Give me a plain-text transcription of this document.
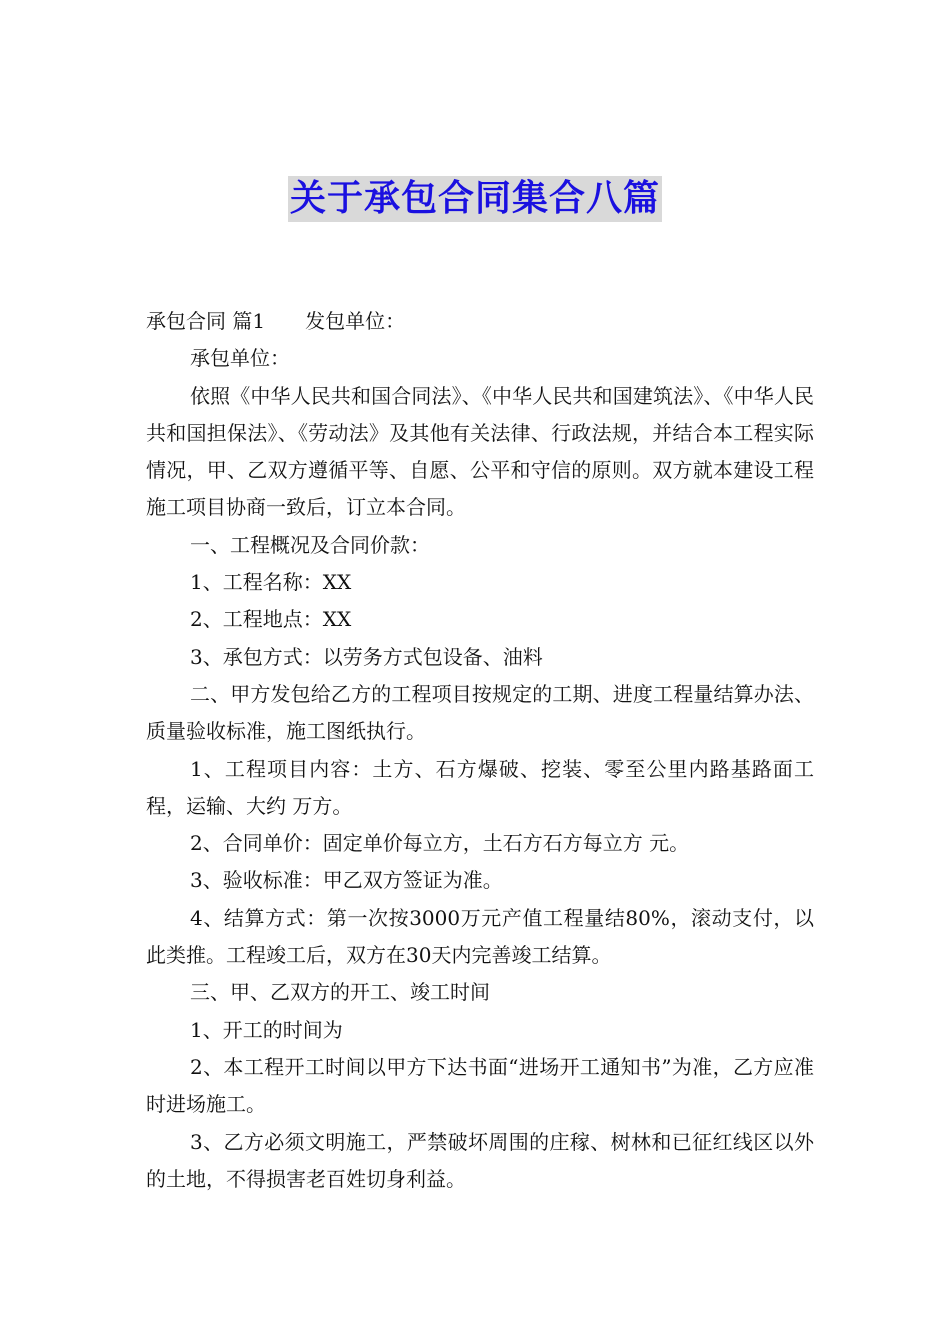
关于承包合同集合八篇

承包合同 篇1 发包单位：

承包单位：

依照《中华人民共和国合同法》、《中华人民共和国建筑法》、《中华人民共和国担保法》、《劳动法》及其他有关法律、行政法规，并结合本工程实际情况，甲、乙双方遵循平等、自愿、公平和守信的原则。双方就本建设工程施工项目协商一致后，订立本合同。

一、工程概况及合同价款：

1、工程名称：XX

2、工程地点：XX

3、承包方式：以劳务方式包设备、油料

二、甲方发包给乙方的工程项目按规定的工期、进度工程量结算办法、质量验收标准，施工图纸执行。

1、工程项目内容：土方、石方爆破、挖装、零至公里内路基路面工程，运输、大约 万方。

2、合同单价：固定单价每立方，土石方石方每立方 元。

3、验收标准：甲乙双方签证为准。

4、结算方式：第一次按3000万元产值工程量结80%，滚动支付，以此类推。工程竣工后，双方在30天内完善竣工结算。

三、甲、乙双方的开工、竣工时间

1、开工的时间为

2、本工程开工时间以甲方下达书面“进场开工通知书”为准，乙方应准时进场施工。

3、乙方必须文明施工，严禁破坏周围的庄稼、树林和已征红线区以外的土地，不得损害老百姓切身利益。
